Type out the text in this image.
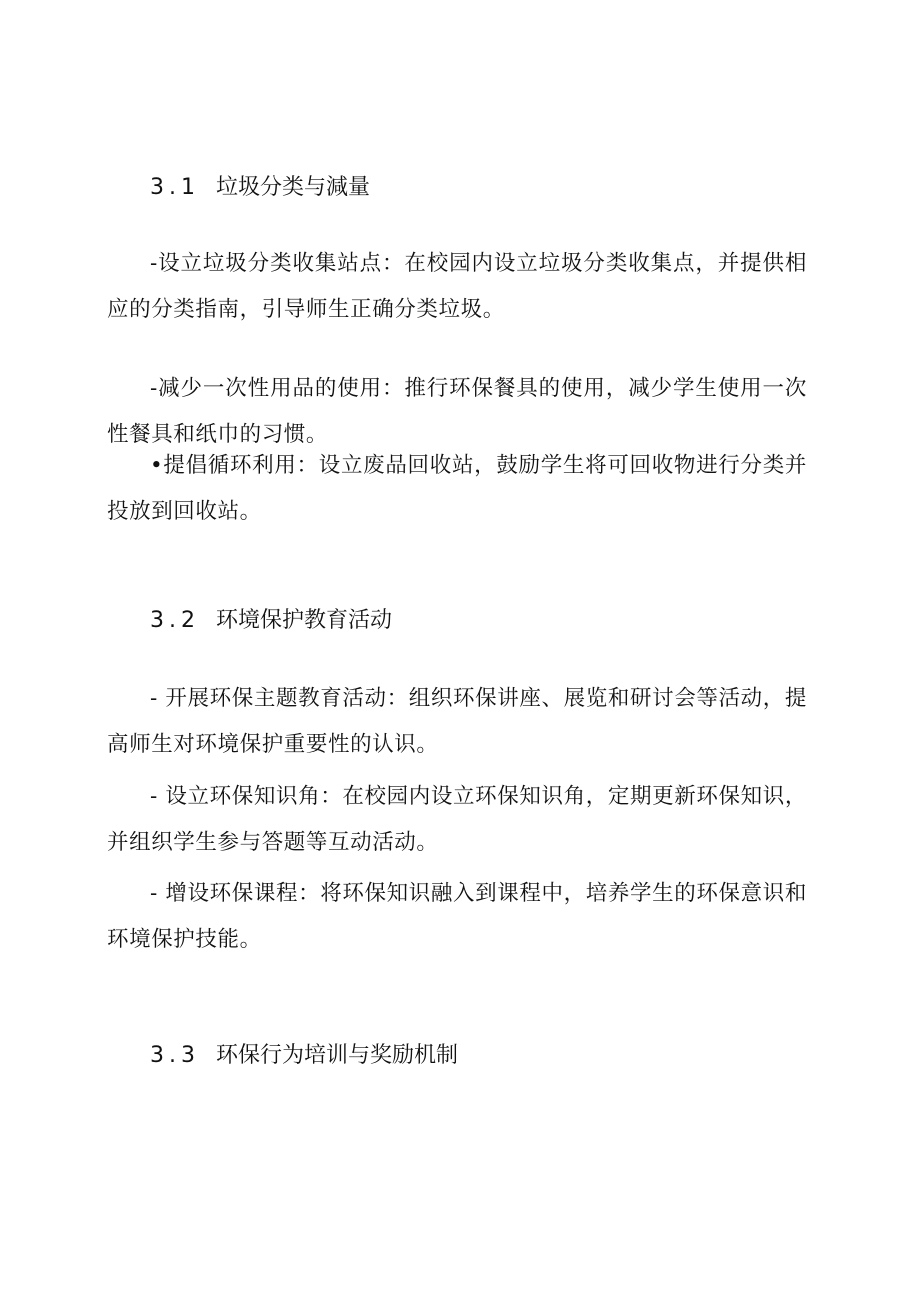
3.1 垃圾分类与減量

-设立垃圾分类收集站点：在校园内设立垃圾分类收集点，并提供相应的分类指南，引导师生正确分类垃圾。

-减少一次性用品的使用：推行环保餐具的使用，减少学生使用一次性餐具和纸巾的习惯。

•提倡循环利用：设立废品回收站，鼓励学生将可回收物进行分类并投放到回收站。

3.2 环境保护教育活动

- 开展环保主题教育活动：组织环保讲座、展览和研讨会等活动，提高师生对环境保护重要性的认识。

- 设立环保知识角：在校园内设立环保知识角，定期更新环保知识，并组织学生参与答题等互动活动。

- 增设环保课程：将环保知识融入到课程中，培养学生的环保意识和环境保护技能。

3.3 环保行为培训与奖励机制
